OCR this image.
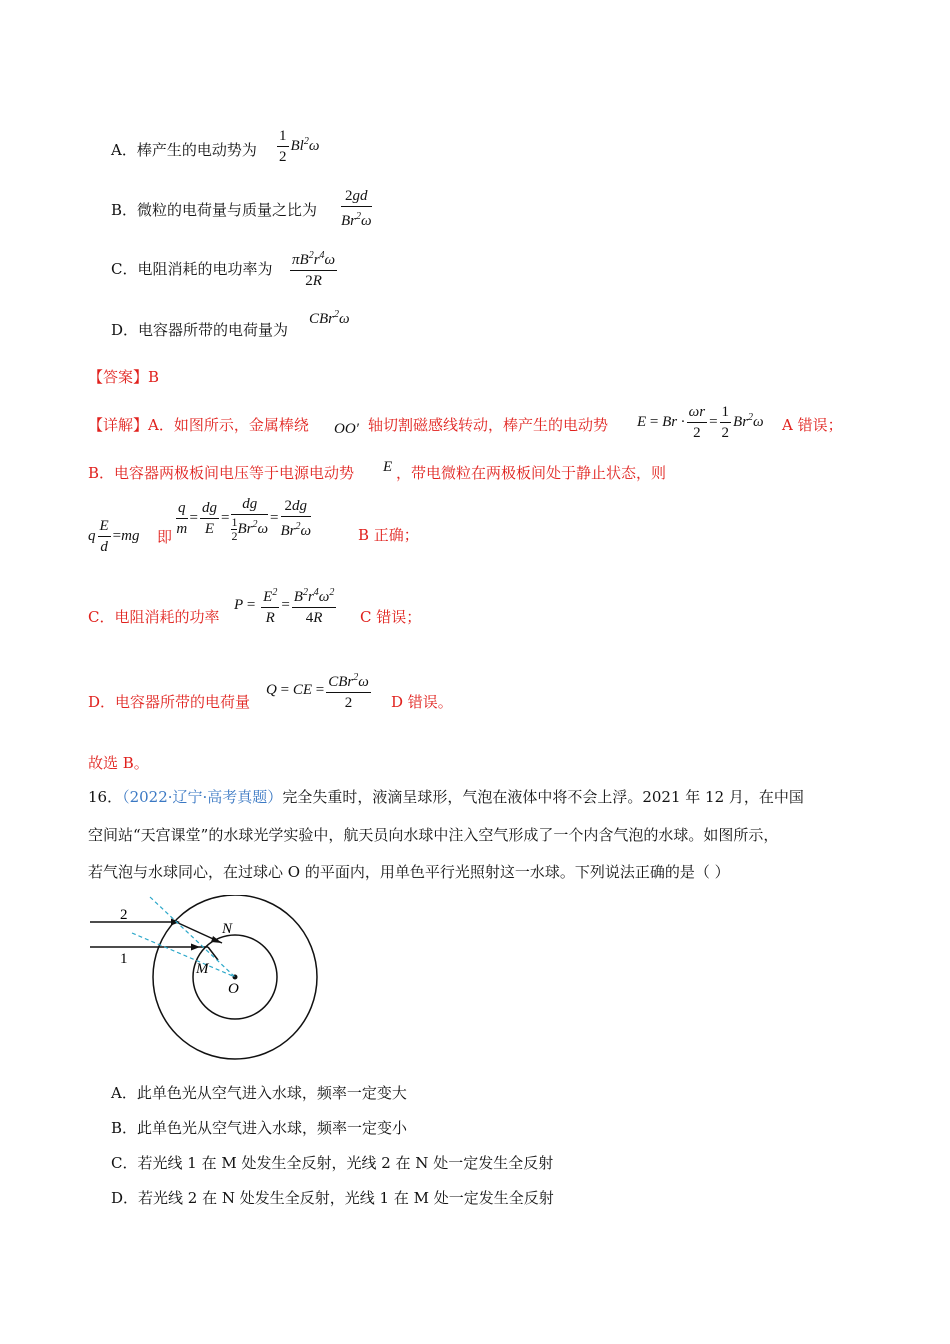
A．棒产生的电动势为 $\frac{1}{2} Bl^2\omega$
B．微粒的电荷量与质量之比为 $\frac{2gd}{Br^2\omega}$
C．电阻消耗的电功率为 $\frac{\pi B^2r^4\omega}{2R}$
D．电容器所带的电荷量为
CBr$^2$ω
【答案】B
【详解】A．如图所示，金属棒绕 OO′ 轴切割磁感线转动，棒产生的电动势 $E = Br \cdot \frac{\omega r}{2} = \frac{1}{2} Br^2\omega$ A 错误；
B．电容器两极板间电压等于电源电动势 E ，带电微粒在两极板间处于静止状态，则
q $\frac{E}{d} =mg$ 即 $\frac{q}{m} = \frac{dg}{E} = \frac{dg}{\frac{1}{2} Br^2\omega} = \frac{2dg}{Br^2\omega}$	B 正确；
C．电阻消耗的功率
$P = \frac{E^2}{R} = \frac{B^2r^4\omega^2}{4R}$ C 错误；
D．电容器所带的电荷量
Q = CE = $\frac{CBr^2\omega}{2}$ D 错误。
故选 B。
16．（2022·辽宁·高考真题）完全失重时，液滴呈球形，气泡在液体中将不会上浮。2021 年 12 月，在中国
空间站“天宫课堂”的水球光学实验中，航天员向水球中注入空气形成了一个内含气泡的水球。如图所示，
若气泡与水球同心，在过球心 O 的平面内，用单色平行光照射这一水球。下列说法正确的是（ ）
2
1
N
M
O
A．此单色光从空气进入水球，频率一定变大
B．此单色光从空气进入水球，频率一定变小
C．若光线 1 在 M 处发生全反射，光线 2 在 N 处一定发生全反射
D．若光线 2 在 N 处发生全反射，光线 1 在 M 处一定发生全反射
